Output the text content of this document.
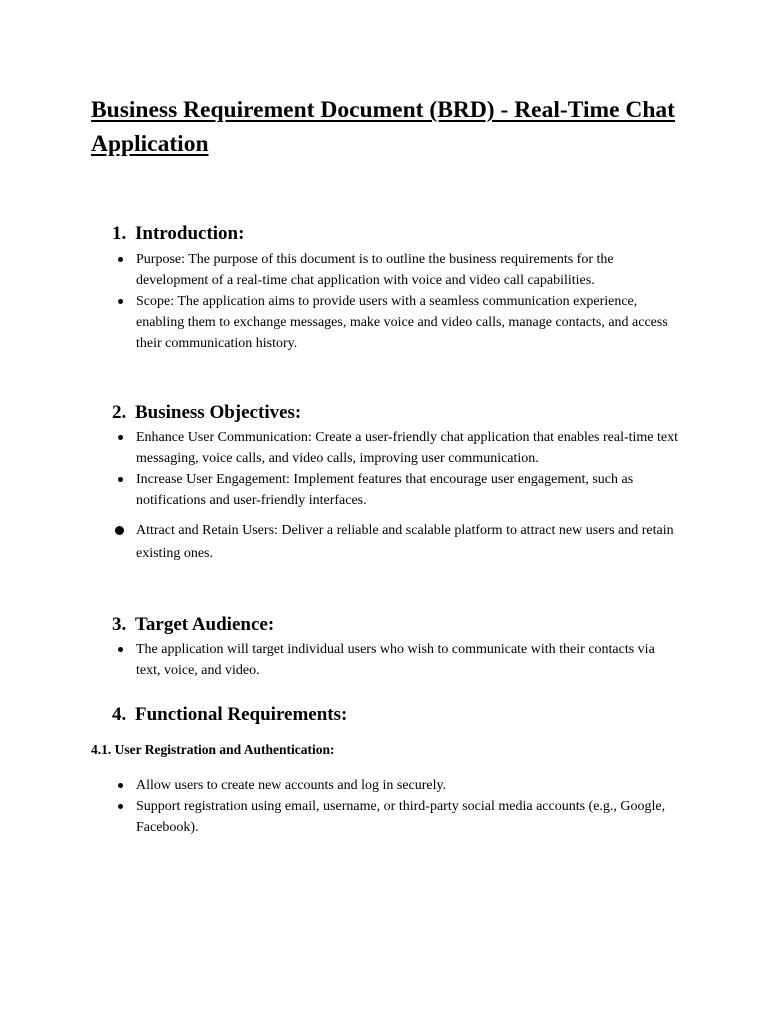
Business Requirement Document (BRD) - Real-Time Chat Application
1. Introduction:
Purpose: The purpose of this document is to outline the business requirements for the development of a real-time chat application with voice and video call capabilities.
Scope: The application aims to provide users with a seamless communication experience, enabling them to exchange messages, make voice and video calls, manage contacts, and access their communication history.
2. Business Objectives:
Enhance User Communication: Create a user-friendly chat application that enables real-time text messaging, voice calls, and video calls, improving user communication.
Increase User Engagement: Implement features that encourage user engagement, such as notifications and user-friendly interfaces.
Attract and Retain Users: Deliver a reliable and scalable platform to attract new users and retain existing ones.
3. Target Audience:
The application will target individual users who wish to communicate with their contacts via text, voice, and video.
4. Functional Requirements:
4.1. User Registration and Authentication:
Allow users to create new accounts and log in securely.
Support registration using email, username, or third-party social media accounts (e.g., Google, Facebook).
